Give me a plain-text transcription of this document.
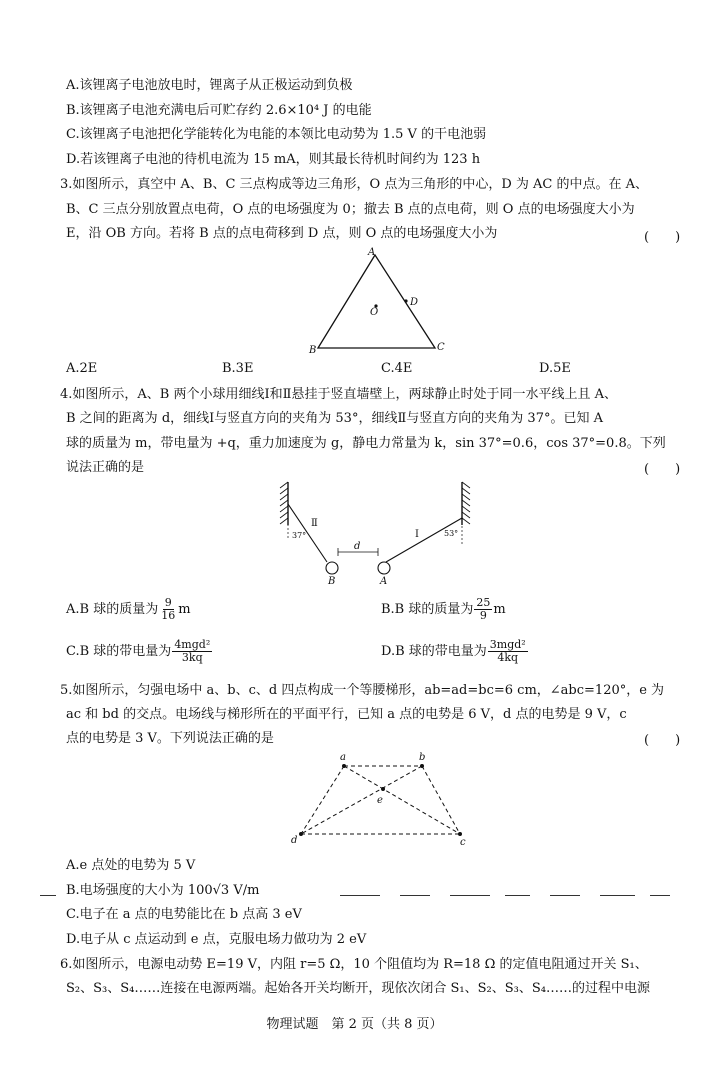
A.该锂离子电池放电时，锂离子从正极运动到负极
B.该锂离子电池充满电后可贮存约 2.6×10⁴ J 的电能
C.该锂离子电池把化学能转化为电能的本领比电动势为 1.5 V 的干电池弱
D.若该锂离子电池的待机电流为 15 mA，则其最长待机时间约为 123 h
3.如图所示，真空中 A、B、C 三点构成等边三角形，O 点为三角形的中心，D 为 AC 的中点。在 A、
B、C 三点分别放置点电荷，O 点的电场强度为 0；撤去 B 点的点电荷，则 O 点的电场强度大小为
E，沿 OB 方向。若将 B 点的点电荷移到 D 点，则 O 点的电场强度大小为	(　　)
A
B	C
D
O
A.2E	B.3E	C.4E	D.5E
4.如图所示，A、B 两个小球用细线Ⅰ和Ⅱ悬挂于竖直墙壁上，两球静止时处于同一水平线上且 A、
B 之间的距离为 d，细线Ⅰ与竖直方向的夹角为 53°，细线Ⅱ与竖直方向的夹角为 37°。已知 A
球的质量为 m，带电量为 +q，重力加速度为 g，静电力常量为 k，sin 37°=0.6，cos 37°=0.8。下列
说法正确的是	(　　)
d
Ⅱ
Ⅰ
37°	53°
B	A
A.B 球的质量为 $\frac{9}{16}$ m	B.B 球的质量为 $\frac{25}{9}$ m
C.B 球的带电量为 $\frac{\text{4mgd²}}{3kq}$	D.B 球的带电量为 $\frac{\text{3mgd²}}{4kq}$
5.如图所示，匀强电场中 a、b、c、d 四点构成一个等腰梯形，ab=ad=bc=6 cm，∠abc=120°，e 为
ac 和 bd 的交点。电场线与梯形所在的平面平行，已知 a 点的电势是 6 V，d 点的电势是 9 V，c
点的电势是 3 V。下列说法正确的是	(　　)
a	b
d	c
e
A.e 点处的电势为 5 V
B.电场强度的大小为 100√3 V/m
C.电子在 a 点的电势能比在 b 点高 3 eV
D.电子从 c 点运动到 e 点，克服电场力做功为 2 eV
6.如图所示，电源电动势 E=19 V，内阻 r=5 Ω，10 个阻值均为 R=18 Ω 的定值电阻通过开关 S₁、
S₂、S₃、S₄……连接在电源两端。起始各开关均断开，现依次闭合 S₁、S₂、S₃、S₄……的过程中电源
物理试题　第 2 页（共 8 页）
